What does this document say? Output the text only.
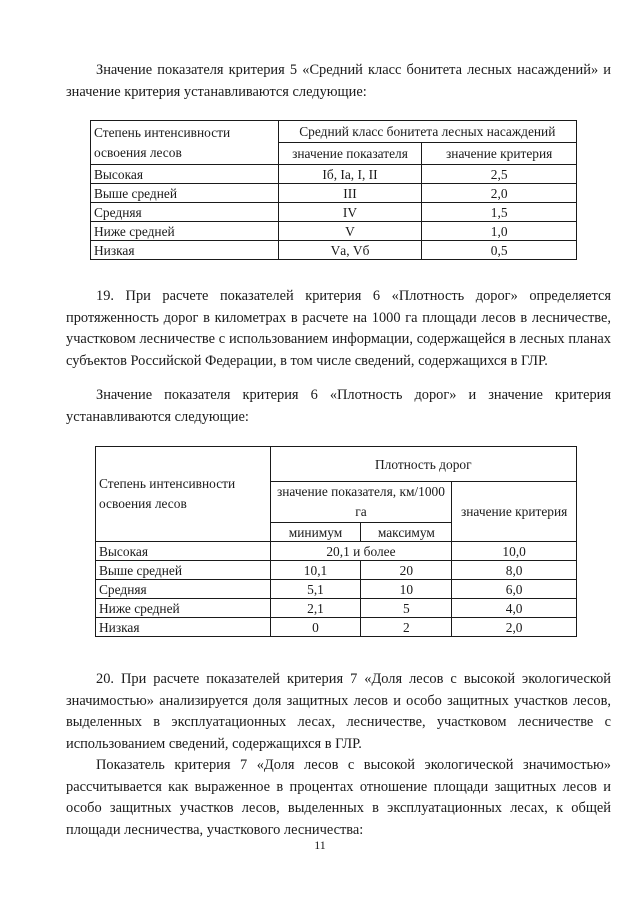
Значение показателя критерия 5 «Средний класс бонитета лесных насаждений» и значение критерия устанавливаются следующие:

Степень интенсивности освоения лесов	Средний класс бонитета лесных насаждений	
	значение показателя	значение критерия
Высокая	Iб, Iа, I, II	2,5
Выше средней	III	2,0
Средняя	IV	1,5
Ниже средней	V	1,0
Низкая	Vа, Vб	0,5

19. При расчете показателей критерия 6 «Плотность дорог» определяется протяженность дорог в километрах в расчете на 1000 га площади лесов в лесничестве, участковом лесничестве с использованием информации, содержащейся в лесных планах субъектов Российской Федерации, в том числе сведений, содержащихся в ГЛР.

Значение показателя критерия 6 «Плотность дорог» и значение критерия устанавливаются следующие:

Степень интенсивности освоения лесов	Плотность дорог		
	значение показателя, км/1000 га		значение критерия
	минимум	максимум	
Высокая	20,1 и более		10,0
Выше средней	10,1	20	8,0
Средняя	5,1	10	6,0
Ниже средней	2,1	5	4,0
Низкая	0	2	2,0

20. При расчете показателей критерия 7 «Доля лесов с высокой экологической значимостью» анализируется доля защитных лесов и особо защитных участков лесов, выделенных в эксплуатационных лесах, лесничестве, участковом лесничестве с использованием сведений, содержащихся в ГЛР.

Показатель критерия 7 «Доля лесов с высокой экологической значимостью» рассчитывается как выраженное в процентах отношение площади защитных лесов и особо защитных участков лесов, выделенных в эксплуатационных лесах, к общей площади лесничества, участкового лесничества:

11
